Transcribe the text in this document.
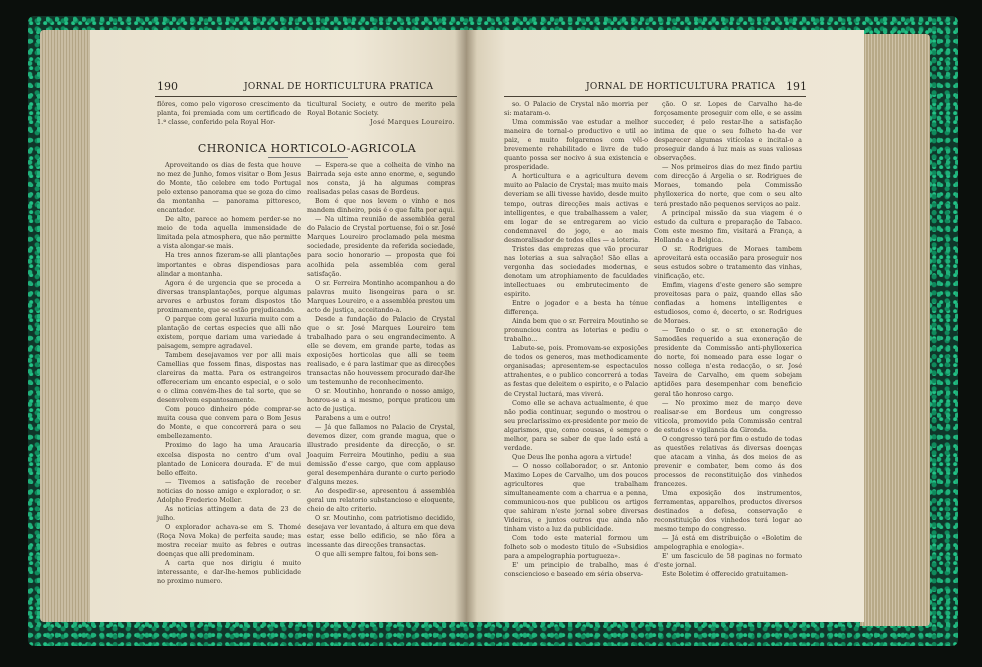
190	JORNAL DE HORTICULTURA PRATICA	JORNAL DE HORTICULTURA PRATICA 191

flôres, como pelo vigoroso crescimento da planta, foi premiada com um certificado de 1.ª classe, conferido pela Royal Hor-

ticultural Society, e outro de merito pela Royal Botanic Society.

José Marques Loureiro.

CHRONICA HORTICOLO-AGRICOLA

Aproveitando os dias de festa que houve no mez de Junho, fomos visitar o Bom Jesus do Monte, tão celebre em todo Portugal pelo extenso panorama que se goza do cimo da montanha — panorama pittoresco, encantador.

De alto, parece ao homem perder-se no meio de toda aquella immensidade de limitada pela atmosphera, que não permitte a vista alongar-se mais.

Ha tres annos fizeram-se alli plantações importantes e obras dispendiosas para alindar a montanha.

Agora é de urgencia que se proceda a diversas transplantações, porque algumas arvores e arbustos foram dispostos tão proximamente, que se estão prejudicando.

O parque com geral luxuria muito com a plantação de certas especies que alli não existem, porque dariam uma variedade á paisagem, sempre agradavel.

Tambem desejavamos ver por alli mais Camellias que fossem finas, dispostas nas clareiras da matta. Para os estrangeiros offereceriam um encanto especial, e o solo e o clima convém-lhes de tal sorte, que se desenvolvem espantosamente.

Com pouco dinheiro póde comprar-se muita cousa que convem para o Bom Jesus do Monte, e que concorrerá para o seu embellezamento.

Proximo do lago ha uma Araucaria excelsa disposta no centro d'um oval plantado de Lonicera dourada. E' de mui bello effeito.

— Tivemos a satisfação de receber noticias do nosso amigo e explorador, o sr. Adolpho Frederico Moller.

As noticias attingem a data de 23 de julho.

O explorador achava-se em S. Thomé (Roça Nova Moka) de perfeita saude; mas mostra receiar muito as febres e outras doenças que alli predominam.

A carta que nos dirigiu é muito interessante, e dar-lhe-hemos publicidade no proximo numero.

— Espera-se que a colheita de vinho na Bairrada seja este anno enorme, e, segundo nos consta, já ha algumas compras realisadas pelas casas de Bordeus.

Bom é que nos levem o vinho e nos mandem dinheiro, pois é o que falta por aqui.

— Na ultima reunião de assembléa geral do Palacio de Crystal portuense, foi o sr. José Marques Loureiro proclamado pela mesma sociedade, presidente da referida sociedade, para socio honorario — proposta que foi acolhida pela assembléa com geral satisfação.

O sr. Ferreira Montinho acompanhou a do palavras muito lisongeiras para o sr. Marques Loureiro, e a assembléa prestou um acto de justiça, acceitando-a.

Desde a fundação do Palacio de Crystal que o sr. José Marques Loureiro tem trabalhado para o seu engrandecimento. A elle se devem, em grande parte, todas as exposições horticolas que alli se teem realisado, e é para lastimar que as direcções transactas não houvessem procurado dar-lhe um testemunho de reconhecimento.

O sr. Moutinho, honrando o nosso amigo, honrou-se a si mesmo, porque praticou um acto de justiça.

Parabens a um e outro!

— Já que fallamos no Palacio de Crystal, devemos dizer, com grande magua, que o illustrado presidente da direcção, o sr. Joaquim Ferreira Moutinho, pediu a sua demissão d'esse cargo, que com applauso geral desempenhára durante o curto periodo d'alguns mezes.

Ao despedir-se, apresentou á assembléa geral um relatorio substancioso e eloquente, cheio de alto criterio.

O sr. Moutinho, com patriotismo decidido, desejava ver levantado, á altura em que deva estar, esse bello edificio, se não fôra a incessante das direcções transactas.

O que alli sempre faltou, foi bons sen-

so. O Palacio de Crystal não morria per si: mataram-o.

Uma commissão vae estudar a melhor maneira de tornal-o productivo e util ao paiz, e muito folgaremos com vêl-o brevemente rehabilitado e livre de tudo quanto possa ser nocivo á sua existencia e prosperidade.

A horticultura e a agricultura devem muito ao Palacio de Crystal; mas muito mais deveriam se alli tivesse havido, desde muito tempo, outras direcções mais activas e intelligentes, e que trabalhassem a valer, em logar de se entregarem ao vicio condemnavel do jogo, e ao mais desmoralisador de todos elles — a loteria.

Tristes das emprezas que vão procurar nas loterias a sua salvação! São ellas a vergonha das sociedades modernas, e denotam um atrophiamento de faculdades intellectuaes ou embrutecimento de espirito.

Entre o jogador e a besta ha ténue differença.

Ainda bem que o sr. Ferreira Moutinho se pronunciou contra as loterias e pediu o trabalho...

Labute-se, pois. Promovam-se exposições de todos os generos, mas methodicamente organisadas; apresentem-se espectaculos attrahentes, e o publico concorrerá a todas as festas que deleitem o espirito, e o Palacio de Crystal luctará, mas viverá.

Como elle se achava actualmente, é que não podia continuar, segundo o mostrou o seu preclarissimo ex-presidente por meio de algarismos, que, como cousas, é sempre o melhor, para se saber de que lado está a verdade.

Que Deus lhe ponha agora a virtude!

— O nosso collaborador, o sr. Antonio Maximo Lopes de Carvalho, um dos poucos agricultores que trabalham simultaneamente com a charrua e a penna, communicou-nos que publicou os artigos que sahiram n'este jornal sobre diversas Videiras, e juntos outros que ainda não tinham visto a luz da publicidade.

Com todo este material formou um folheto sob o modesto titulo de «Subsidios para a ampelographia portugueza».

E' um principio de trabalho, mas é consciencioso e baseado em séria observa-

ção. O sr. Lopes de Carvalho ha-de forçosamente proseguir com elle, e se assim succeder, é pelo restar-lhe a satisfação intima de que o seu folheto ha-de ver desparecer algumas vitícolas e incital-o a proseguir dando á luz mais as suas valiosas observações.

— Nos primeiros dias do mez findo partiu com direcção á Argelia o sr. Rodrigues de Moraes, tomando pela Commissão phylloxerica do norte, que com o seu alto terá prestado não pequenos serviços ao paiz.

A principal missão da sua viagem é o estudo da cultura e preparação de Tabaco. Com este mesmo fim, visitará a França, a Hollanda e a Belgica.

O sr. Rodrigues de Moraes tambem aproveitará esta occasião para proseguir nos seus estudos sobre o tratamento das vinhas, vinificação, etc.

Emfim, viagens d'este genero são sempre proveitosas para o paiz, quando ellas são confiadas a homens intelligentes e estudiosos, como é, decerto, o sr. Rodrigues de Moraes.

— Tendo o sr. o sr. exoneração de Samodães requerido a sua exoneração de presidente da Commissão anti-phylloxerica do norte, foi nomeado para esse logar o nosso collega n'esta redacção, o sr. José Taveira de Carvalho, em quem sobejam aptidões para desempenhar com beneficio geral tão honroso cargo.

— No proximo mez de março deve realisar-se em Bordeus um congresso viticola, promovido pela Commissão central de estudos e vigilancia da Gironda.

O congresso terá por fim o estudo de todas as questões relativas ás diversas doenças que atacam a vinha, ás dos meios de as prevenir e combater, bem como ás dos processos de reconstituição dos vinhedos francezes.

Uma exposição dos instrumentos, ferramentas, apparelhos, productos diversos destinados a defesa, conservação e reconstituição dos vinhedos terá logar ao mesmo tempo do congresso.

— Já está em distribuição o «Boletim de ampelographia e enologia».

E' um fasciculo de 58 paginas no formato d'este jornal.

Este Boletim é offerecido gratuitamen-
